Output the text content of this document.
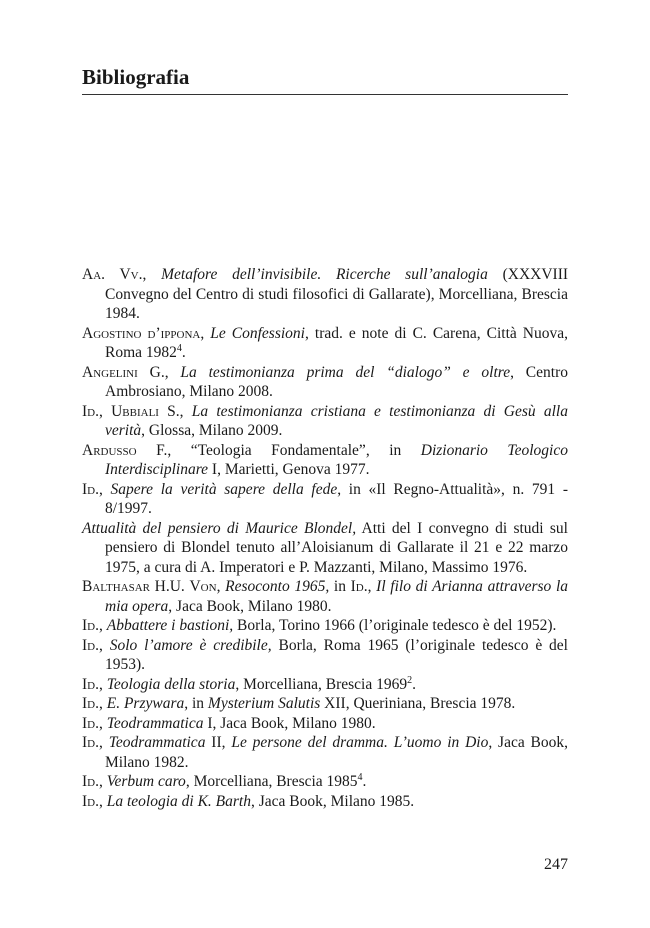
Bibliografia

Aa. Vv., Metafore dell’invisibile. Ricerche sull’analogia (XXXVIII Convegno del Centro di studi filosofici di Gallarate), Morcelliana, Brescia 1984.

Agostino d’ippona, Le Confessioni, trad. e note di C. Carena, Città Nuova, Roma 1982$^4$.

Angelini G., La testimonianza prima del “dialogo” e oltre, Centro Ambrosiano, Milano 2008.

Id., Ubbiali S., La testimonianza cristiana e testimonianza di Gesù alla verità, Glossa, Milano 2009.

Ardusso F., “Teologia Fondamentale”, in Dizionario Teologico Interdisciplinare I, Marietti, Genova 1977.

Id., Sapere la verità sapere della fede, in «Il Regno-Attualità», n. 791 - 8/1997.

Attualità del pensiero di Maurice Blondel, Atti del I convegno di studi sul pensiero di Blondel tenuto all’Aloisianum di Gallarate il 21 e 22 marzo 1975, a cura di A. Imperatori e P. Mazzanti, Milano, Massimo 1976.

Balthasar H.U. Von, Resoconto 1965, in Id., Il filo di Arianna attraverso la mia opera, Jaca Book, Milano 1980.

Id., Abbattere i bastioni, Borla, Torino 1966 (l’originale tedesco è del 1952).

Id., Solo l’amore è credibile, Borla, Roma 1965 (l’originale tedesco è del 1953).

Id., Teologia della storia, Morcelliana, Brescia 1969$^2$.

Id., E. Przywara, in Mysterium Salutis XII, Queriniana, Brescia 1978.

Id., Teodrammatica I, Jaca Book, Milano 1980.

Id., Teodrammatica II, Le persone del dramma. L’uomo in Dio, Jaca Book, Milano 1982.

Id., Verbum caro, Morcelliana, Brescia 1985$^4$.

Id., La teologia di K. Barth, Jaca Book, Milano 1985.

247
